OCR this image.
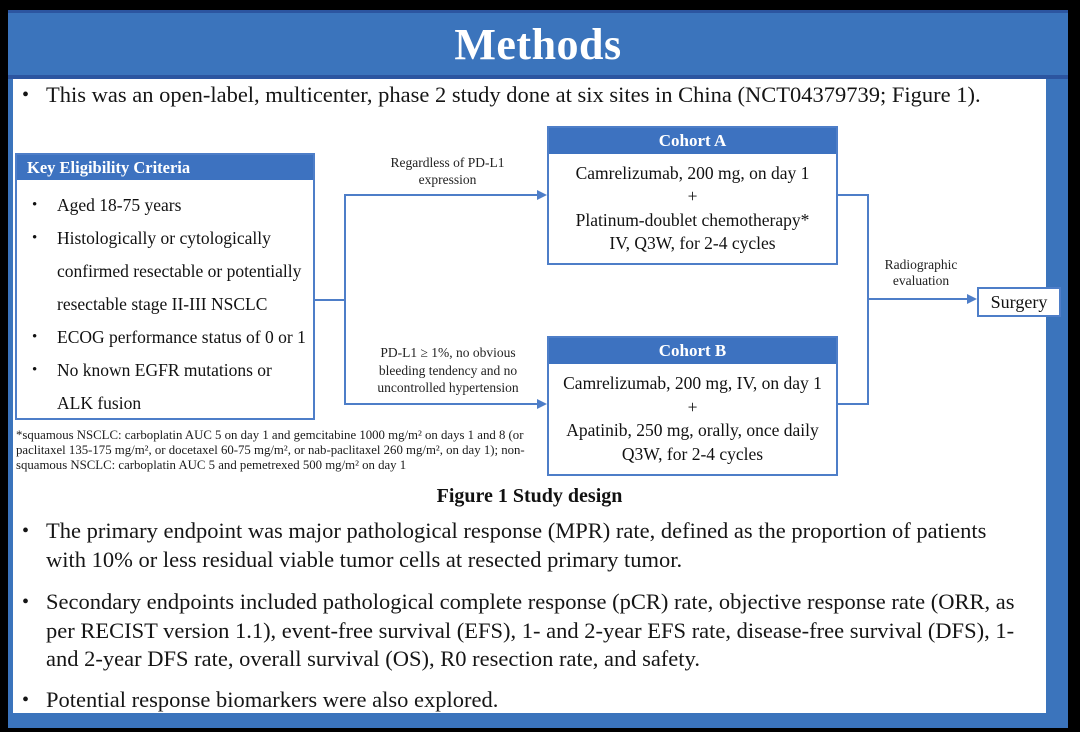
Methods
• This was an open-label, multicenter, phase 2 study done at six sites in China (NCT04379739; Figure 1).
Key Eligibility Criteria
• Aged 18-75 years
• Histologically or cytologically
confirmed resectable or potentially
resectable stage II-III NSCLC
• ECOG performance status of 0 or 1
• No known EGFR mutations or
ALK fusion
Regardless of PD-L1
expression
PD-L1 ≥ 1%, no obvious
bleeding tendency and no
uncontrolled hypertension
Cohort A
Camrelizumab, 200 mg, on day 1
+
Platinum-doublet chemotherapy*
IV, Q3W, for 2-4 cycles
Cohort B
Camrelizumab, 200 mg, IV, on day 1
+
Apatinib, 250 mg, orally, once daily
Q3W, for 2-4 cycles
Radiographic
evaluation
Surgery
*squamous NSCLC: carboplatin AUC 5 on day 1 and gemcitabine 1000 mg/m² on days 1 and 8 (or
paclitaxel 135-175 mg/m², or docetaxel 60-75 mg/m², or nab-paclitaxel 260 mg/m², on day 1); non-
squamous NSCLC: carboplatin AUC 5 and pemetrexed 500 mg/m² on day 1
Figure 1 Study design
• The primary endpoint was major pathological response (MPR) rate, defined as the proportion of patients
with 10% or less residual viable tumor cells at resected primary tumor.
• Secondary endpoints included pathological complete response (pCR) rate, objective response rate (ORR, as
per RECIST version 1.1), event-free survival (EFS), 1- and 2-year EFS rate, disease-free survival (DFS), 1-
and 2-year DFS rate, overall survival (OS), R0 resection rate, and safety.
• Potential response biomarkers were also explored.
